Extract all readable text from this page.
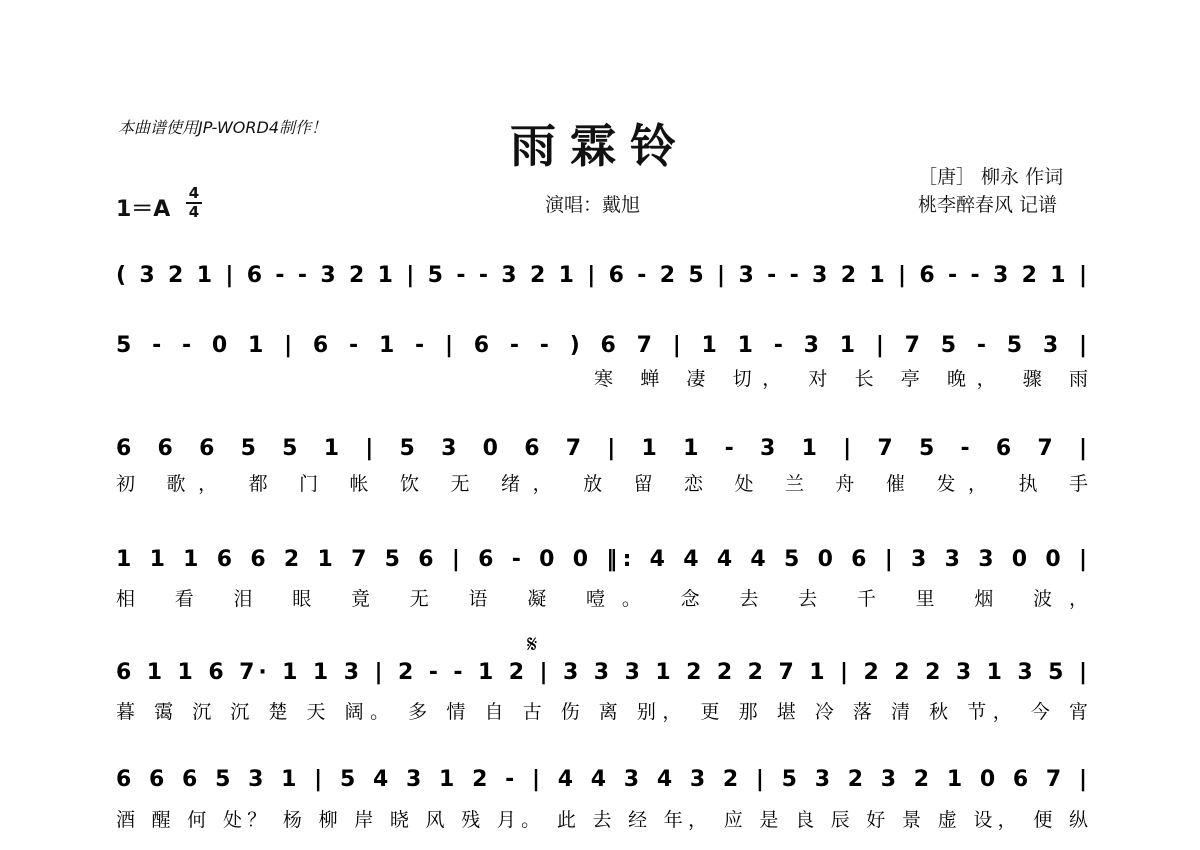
本曲谱使用JP-WORD4制作！	雨霖铃
1＝A
4
4	演唱：戴旭
［唐］ 柳永 作词
桃李醉春风 记谱
( 3 2 1 | 6 - - 3 2 1 | 5 - - 3 2 1 | 6 - 2 5 | 3 - - 3 2 1 | 6 - - 3 2 1 |
5 - - 0 1 | 6 - 1 - | 6 - - ) 6 7 | 1 1 - 3 1 | 7 5 - 5 3 |
寒 蝉 凄 切， 对 长 亭 晚， 骤 雨
6 6 6 5 5 1 | 5 3 0 6 7 | 1 1 - 3 1 | 7 5 - 6 7 |
初 歌， 都 门 帐 饮 无 绪， 放 留 恋 处 兰 舟 催 发， 执 手
1 1 1 6 6 2 1 7 5 6 | 6 - 0 0 ‖: 4 4 4 4 5 0 6 | 3 3 3 0 0 |
相 看 泪 眼 竟 无 语 凝 噎。 念 去 去 千 里 烟 波，
𝄋
6 1 1 6 7· 1 1 3 | 2 - - 1 2 | 3 3 3 1 2 2 2 7 1 | 2 2 2 3 1 3 5 |
暮 霭 沉 沉 楚 天 阔。 多 情 自 古 伤 离 别， 更 那 堪 冷 落 清 秋 节， 今 宵
6 6 6 5 3 1 | 5 4 3 1 2 - | 4 4 3 4 3 2 | 5 3 2 3 2 1 0 6 7 |
酒 醒 何 处？ 杨 柳 岸 晓 风 残 月。 此 去 经 年， 应 是 良 辰 好 景 虚 设， 便 纵
